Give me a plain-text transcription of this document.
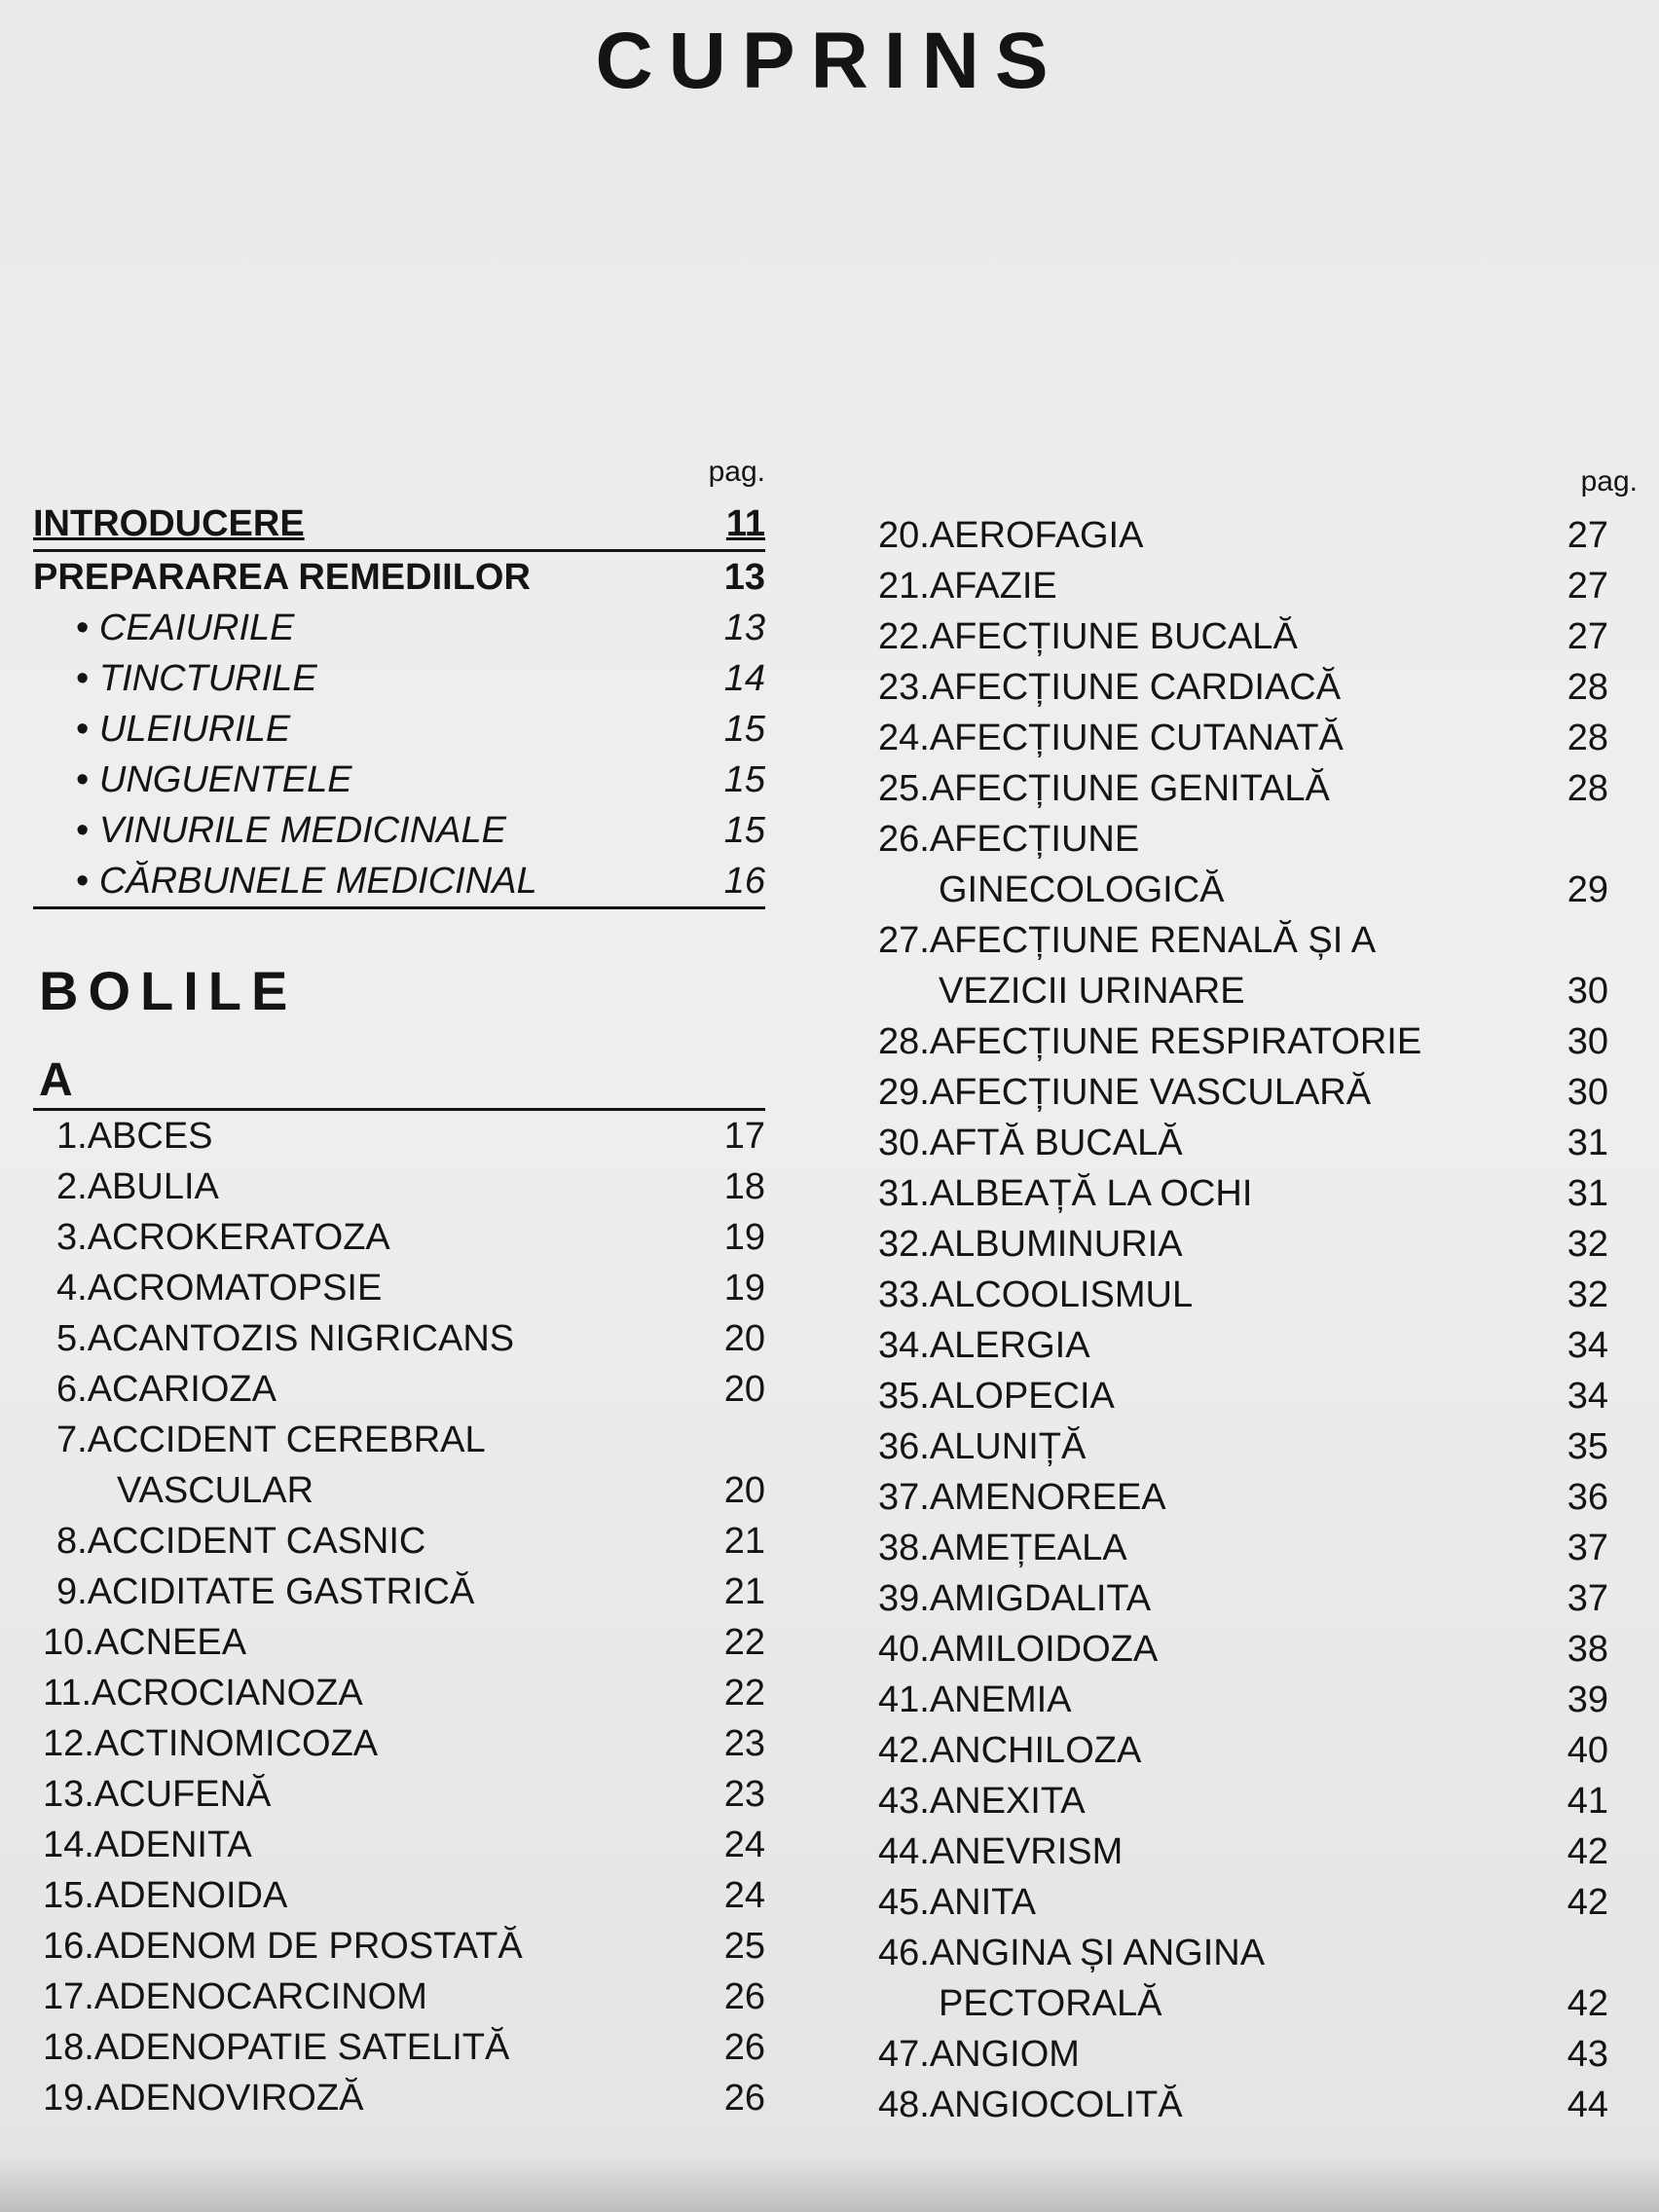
CUPRINS
pag.
INTRODUCERE	11
PREPARAREA REMEDIILOR	13
• CEAIURILE	13
• TINCTURILE	14
• ULEIURILE	15
• UNGUENTELE	15
• VINURILE MEDICINALE	15
• CĂRBUNELE MEDICINAL	16
BOLILE
A
1.ABCES	17
2.ABULIA	18
3.ACROKERATOZA	19
4.ACROMATOPSIE	19
5.ACANTOZIS NIGRICANS	20
6.ACARIOZA	20
7.ACCIDENT CEREBRAL
VASCULAR	20
8.ACCIDENT CASNIC	21
9.ACIDITATE GASTRICĂ	21
10.ACNEEA	22
11.ACROCIANOZA	22
12.ACTINOMICOZA	23
13.ACUFENĂ	23
14.ADENITA	24
15.ADENOIDA	24
16.ADENOM DE PROSTATĂ	25
17.ADENOCARCINOM	26
18.ADENOPATIE SATELITĂ	26
19.ADENOVIROZĂ	26
pag.
20.AEROFAGIA	27
21.AFAZIE	27
22.AFECȚIUNE BUCALĂ	27
23.AFECȚIUNE CARDIACĂ	28
24.AFECȚIUNE CUTANATĂ	28
25.AFECȚIUNE GENITALĂ	28
26.AFECȚIUNE
GINECOLOGICĂ	29
27.AFECȚIUNE RENALĂ ȘI A
VEZICII URINARE	30
28.AFECȚIUNE RESPIRATORIE	30
29.AFECȚIUNE VASCULARĂ	30
30.AFTĂ BUCALĂ	31
31.ALBEAȚĂ LA OCHI	31
32.ALBUMINURIA	32
33.ALCOOLISMUL	32
34.ALERGIA	34
35.ALOPECIA	34
36.ALUNIȚĂ	35
37.AMENOREEA	36
38.AMEȚEALA	37
39.AMIGDALITA	37
40.AMILOIDOZA	38
41.ANEMIA	39
42.ANCHILOZA	40
43.ANEXITA	41
44.ANEVRISM	42
45.ANITA	42
46.ANGINA ȘI ANGINA
PECTORALĂ	42
47.ANGIOM	43
48.ANGIOCOLITĂ	44
